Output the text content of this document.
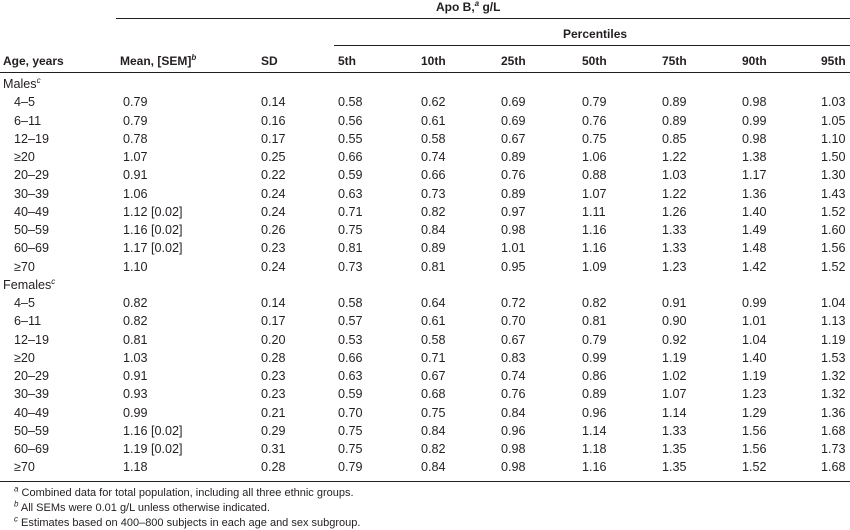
Apo B,$^a$ g/L
Percentiles
Age, years	Mean, [SEM]$^b$	SD	5th	10th	25th	50th	75th	90th	95th
Males$^c$

4–5	0.79	0.14	0.58	0.62	0.69	0.79	0.89	0.98	1.03

6–11	0.79	0.16	0.56	0.61	0.69	0.76	0.89	0.99	1.05

12–19	0.78	0.17	0.55	0.58	0.67	0.75	0.85	0.98	1.10

≥20	1.07	0.25	0.66	0.74	0.89	1.06	1.22	1.38	1.50

20–29	0.91	0.22	0.59	0.66	0.76	0.88	1.03	1.17	1.30

30–39	1.06	0.24	0.63	0.73	0.89	1.07	1.22	1.36	1.43

40–49	1.12 [0.02]	0.24	0.71	0.82	0.97	1.11	1.26	1.40	1.52

50–59	1.16 [0.02]	0.26	0.75	0.84	0.98	1.16	1.33	1.49	1.60

60–69	1.17 [0.02]	0.23	0.81	0.89	1.01	1.16	1.33	1.48	1.56

≥70	1.10	0.24	0.73	0.81	0.95	1.09	1.23	1.42	1.52

Females$^c$

4–5	0.82	0.14	0.58	0.64	0.72	0.82	0.91	0.99	1.04

6–11	0.82	0.17	0.57	0.61	0.70	0.81	0.90	1.01	1.13

12–19	0.81	0.20	0.53	0.58	0.67	0.79	0.92	1.04	1.19

≥20	1.03	0.28	0.66	0.71	0.83	0.99	1.19	1.40	1.53

20–29	0.91	0.23	0.63	0.67	0.74	0.86	1.02	1.19	1.32

30–39	0.93	0.23	0.59	0.68	0.76	0.89	1.07	1.23	1.32

40–49	0.99	0.21	0.70	0.75	0.84	0.96	1.14	1.29	1.36

50–59	1.16 [0.02]	0.29	0.75	0.84	0.96	1.14	1.33	1.56	1.68

60–69	1.19 [0.02]	0.31	0.75	0.82	0.98	1.18	1.35	1.56	1.73

≥70	1.18	0.28	0.79	0.84	0.98	1.16	1.35	1.52	1.68
$^a$ Combined data for total population, including all three ethnic groups.
$^b$ All SEMs were 0.01 g/L unless otherwise indicated.
$^c$ Estimates based on 400–800 subjects in each age and sex subgroup.
